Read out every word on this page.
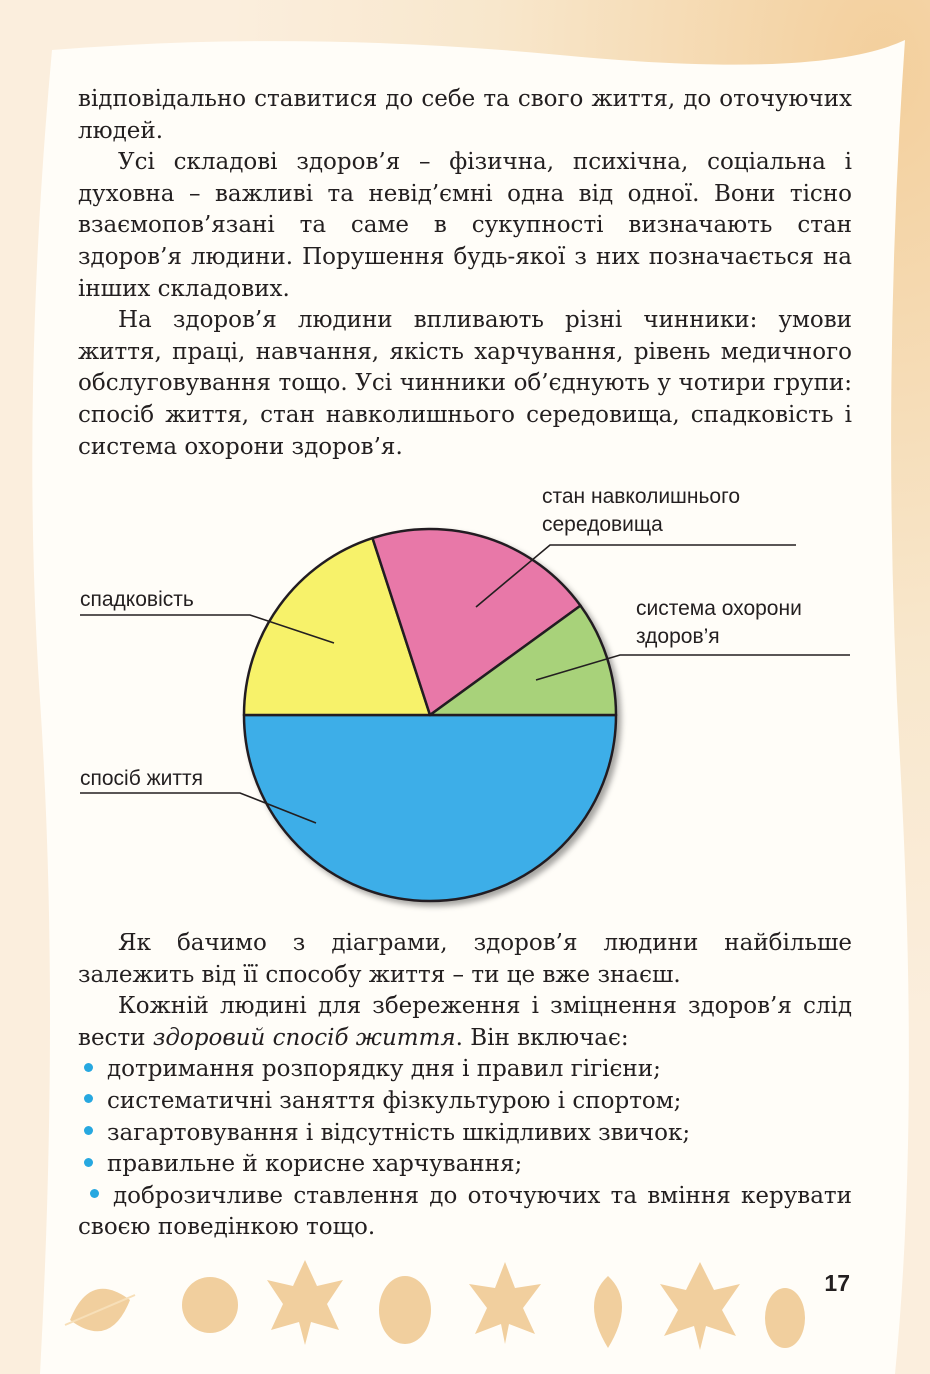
відповідально ставитися до себе та свого життя, до оточуючих людей.

Усі складові здоров’я – фізична, психічна, соціальна і духовна – важливі та невід’ємні одна від одної. Вони тісно взаємопов’язані та саме в сукупності визначають стан здоров’я людини. Порушення будь-якої з них позначається на інших складових.

На здоров’я людини впливають різні чинники: умови життя, праці, навчання, якість харчування, рівень медичного обслуговування тощо. Усі чинники об’єднують у чотири групи: спосіб життя, стан навколишнього середовища, спадковість і система охорони здоров’я.

стан навколишнього середовища
система охорони здоров’я
спадковість
спосіб життя

Як бачимо з діаграми, здоров’я людини найбільше залежить від її способу життя – ти це вже знаєш.

Кожній людині для збереження і зміцнення здоров’я слід вести здоровий спосіб життя. Він включає:

дотримання розпорядку дня і правил гігієни;

систематичні заняття фізкультурою і спортом;

загартовування і відсутність шкідливих звичок;

правильне й корисне харчування;

доброзичливе ставлення до оточуючих та вміння керувати своєю поведінкою тощо.

17
